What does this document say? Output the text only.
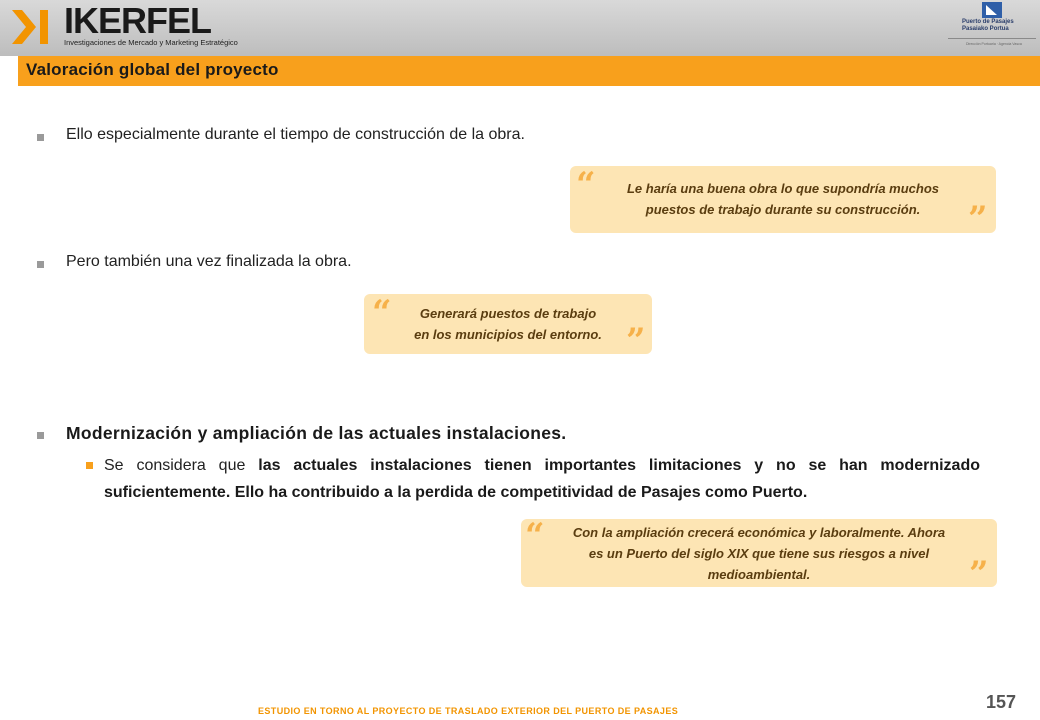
IKERFEL
Investigaciones de Mercado y Marketing Estratégico
Puerto de Pasajes
Pasaiako Portua
Dirección Portuaria · Agencia Vasca
Valoración global del proyecto
Ello especialmente durante el tiempo de construcción de la obra.
“	Le haría una buena obra lo que supondría muchos
puestos de trabajo durante su construcción.	”
Pero también una vez finalizada la obra.
“	Generará puestos de trabajo
en los municipios del entorno. ”
Modernización y ampliación de las actuales instalaciones.
Se considera que las actuales instalaciones tienen importantes limitaciones y no se han modernizado suficientemente. Ello ha contribuido a la perdida de competitividad de Pasajes como Puerto.
“	Con la ampliación crecerá económica y laboralmente. Ahora
es un Puerto del siglo XIX que tiene sus riesgos a nivel
medioambiental.	”
ESTUDIO EN TORNO AL PROYECTO DE TRASLADO EXTERIOR DEL PUERTO DE PASAJES	157
